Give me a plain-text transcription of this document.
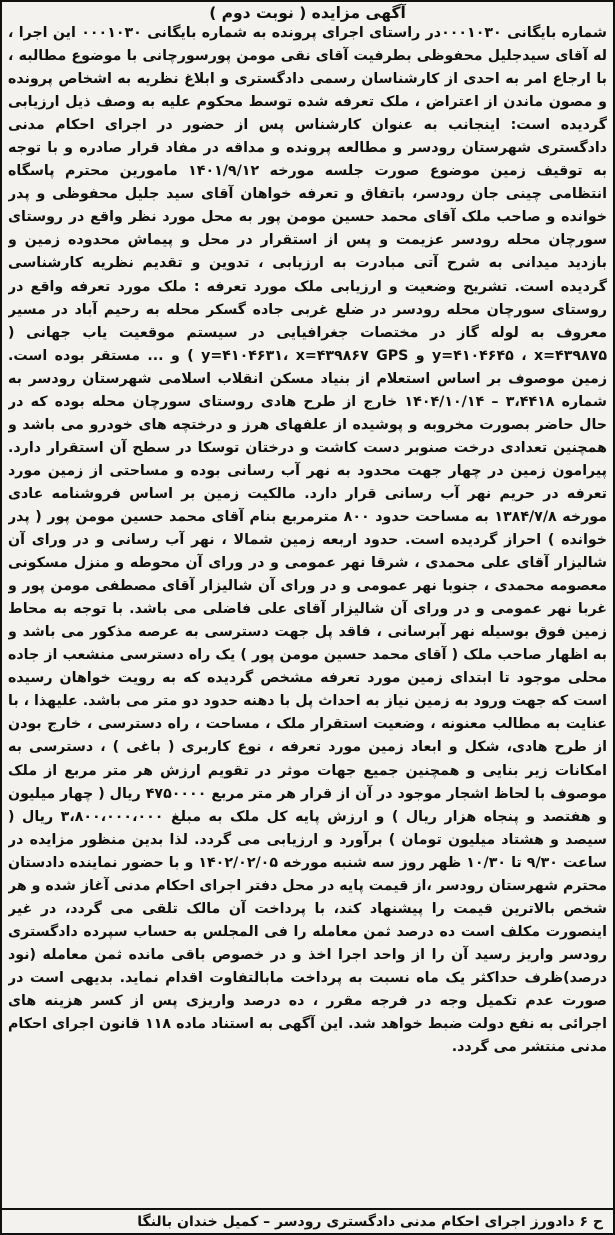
آگهی مزایده ( نوبت دوم )

شماره بایگانی ۰۰۰۱۰۳۰در راستای اجرای پرونده به شماره بایگانی ۰۰۰۱۰۳۰ این اجرا ، له آقای سیدجلیل محفوظی بطرفیت آقای نقی مومن پورسورچانی با موضوع مطالبه ، با ارجاع امر به احدی از کارشناسان رسمی دادگستری و ابلاغ نظریه به اشخاص پرونده و مصون ماندن از اعتراض ، ملک تعرفه شده توسط محکوم علیه به وصف ذیل ارزیابی گردیده است: اینجانب به عنوان کارشناس پس از حضور در اجرای احکام مدنی دادگستری شهرستان رودسر و مطالعه پرونده و مداقه در مفاد قرار صادره و با توجه به توقیف زمین موضوع صورت جلسه مورخه ۱۴۰۱/۹/۱۲ مامورین محترم پاسگاه انتظامی چینی جان رودسر، باتفاق و تعرفه خواهان آقای سید جلیل محفوظی و پدر خوانده و صاحب ملک آقای محمد حسین مومن پور به محل مورد نظر واقع در روستای سورچان محله رودسر عزیمت و پس از استقرار در محل و پیماش محدوده زمین و بازدید میدانی به شرح آتی مبادرت به ارزیابی ، تدوین و تقدیم نظریه کارشناسی گردیده است. تشریح وضعیت و ارزیابی ملک مورد تعرفه : ملک مورد تعرفه واقع در روستای سورچان محله رودسر در ضلع غربی جاده گسکر محله به رحیم آباد در مسیر معروف به لوله گاز در مختصات جغرافیایی در سیستم موقعیت یاب جهانی ( y=۴۱۰۴۶۴۵ ، x=۴۳۹۸۷۵ و y=۴۱۰۴۶۳۱، x=۴۳۹۸۶۷ GPS ) و ... مستقر بوده است. زمین موصوف بر اساس استعلام از بنیاد مسکن انقلاب اسلامی شهرستان رودسر به شماره ۳،۴۴۱۸ – ۱۴۰۴/۱۰/۱۴ خارج از طرح هادی روستای سورچان محله بوده که در حال حاضر بصورت مخروبه و پوشیده از علفهای هرز و درختچه های خودرو می باشد و همچنین تعدادی درخت صنوبر دست کاشت و درختان توسکا در سطح آن استقرار دارد. پیرامون زمین در چهار جهت محدود به نهر آب رسانی بوده و مساحتی از زمین مورد تعرفه در حریم نهر آب رسانی قرار دارد. مالکیت زمین بر اساس فروشنامه عادی مورخه ۱۳۸۴/۷/۸ به مساحت حدود ۸۰۰ مترمربع بنام آقای محمد حسین مومن پور ( پدر خوانده ) احراز گردیده است. حدود اربعه زمین شمالا ، نهر آب رسانی و در ورای آن شالیزار آقای علی محمدی ، شرقا نهر عمومی و در ورای آن محوطه و منزل مسکونی معصومه محمدی ، جنوبا نهر عمومی و در ورای آن شالیزار آقای مصطفی مومن پور و غربا نهر عمومی و در ورای آن شالیزار آقای علی فاضلی می باشد. با توجه به محاط زمین فوق بوسیله نهر آبرسانی ، فاقد پل جهت دسترسی به عرصه مذکور می باشد و به اظهار صاحب ملک ( آقای محمد حسین مومن پور ) یک راه دسترسی منشعب از جاده محلی موجود تا ابتدای زمین مورد تعرفه مشخص گردیده که به رویت خواهان رسیده است که جهت ورود به زمین نیاز به احداث پل با دهنه حدود دو متر می باشد. علیهذا ، با عنایت به مطالب معنونه ، وضعیت استقرار ملک ، مساحت ، راه دسترسی ، خارج بودن از طرح هادی، شکل و ابعاد زمین مورد تعرفه ، نوع کاربری ( باغی ) ، دسترسی به امکانات زیر بنایی و همچنین جمیع جهات موثر در تقویم ارزش هر متر مربع از ملک موصوف با لحاظ اشجار موجود در آن از قرار هر متر مربع ۴۷۵۰۰۰۰ ریال ( چهار میلیون و هفتصد و پنجاه هزار ریال ) و ارزش پایه کل ملک به مبلغ ۳،۸۰۰،۰۰۰،۰۰۰ ریال ( سیصد و هشتاد میلیون تومان ) برآورد و ارزیابی می گردد. لذا بدین منظور مزایده در ساعت ۹/۳۰ تا ۱۰/۳۰ ظهر روز سه شنبه مورخه ۱۴۰۲/۰۲/۰۵ و با حضور نماینده دادستان محترم شهرستان رودسر ،از قیمت پایه در محل دفتر اجرای احکام مدنی آغاز شده و هر شخص بالاترین قیمت را پیشنهاد کند، با پرداخت آن مالک تلقی می گردد، در غیر اینصورت مکلف است ده درصد ثمن معامله را فی المجلس به حساب سپرده دادگستری رودسر واریز رسید آن را از واحد اجرا اخذ و در خصوص باقی مانده ثمن معامله (نود درصد)ظرف حداکثر یک ماه نسبت به پرداخت مابالتفاوت اقدام نماید. بدیهی است در صورت عدم تکمیل وجه در فرجه مقرر ، ده درصد واریزی پس از کسر هزینه های اجرائی به نفع دولت ضبط خواهد شد. این آگهی به استناد ماده ۱۱۸ قانون اجرای احکام مدنی منتشر می گردد.

ح ۶ دادورز اجرای احکام مدنی دادگستری رودسر – کمیل خندان بالنگا
